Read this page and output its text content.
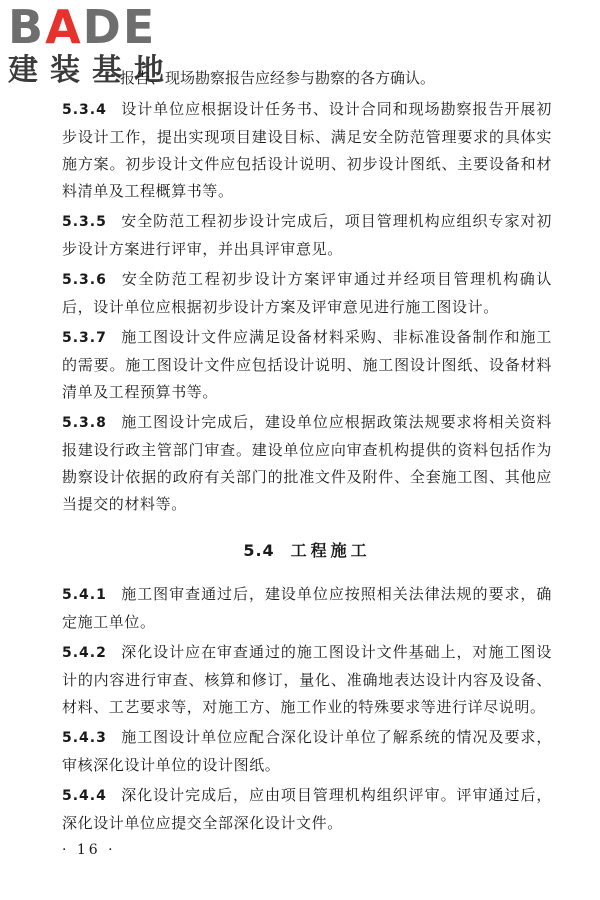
BADE
建装基地

报告、现场勘察报告应经参与勘察的各方确认。

5.3.4 设计单位应根据设计任务书、设计合同和现场勘察报告开展初步设计工作，提出实现项目建设目标、满足安全防范管理要求的具体实施方案。初步设计文件应包括设计说明、初步设计图纸、主要设备和材料清单及工程概算书等。

5.3.5 安全防范工程初步设计完成后，项目管理机构应组织专家对初步设计方案进行评审，并出具评审意见。

5.3.6 安全防范工程初步设计方案评审通过并经项目管理机构确认后，设计单位应根据初步设计方案及评审意见进行施工图设计。

5.3.7 施工图设计文件应满足设备材料采购、非标准设备制作和施工的需要。施工图设计文件应包括设计说明、施工图设计图纸、设备材料清单及工程预算书等。

5.3.8 施工图设计完成后，建设单位应根据政策法规要求将相关资料报建设行政主管部门审查。建设单位应向审查机构提供的资料包括作为勘察设计依据的政府有关部门的批准文件及附件、全套施工图、其他应当提交的材料等。

5.4 工程施工

5.4.1 施工图审查通过后，建设单位应按照相关法律法规的要求，确定施工单位。

5.4.2 深化设计应在审查通过的施工图设计文件基础上，对施工图设计的内容进行审查、核算和修订，量化、准确地表达设计内容及设备、材料、工艺要求等，对施工方、施工作业的特殊要求等进行详尽说明。

5.4.3 施工图设计单位应配合深化设计单位了解系统的情况及要求，审核深化设计单位的设计图纸。

5.4.4 深化设计完成后，应由项目管理机构组织评审。评审通过后，深化设计单位应提交全部深化设计文件。

· 16 ·
